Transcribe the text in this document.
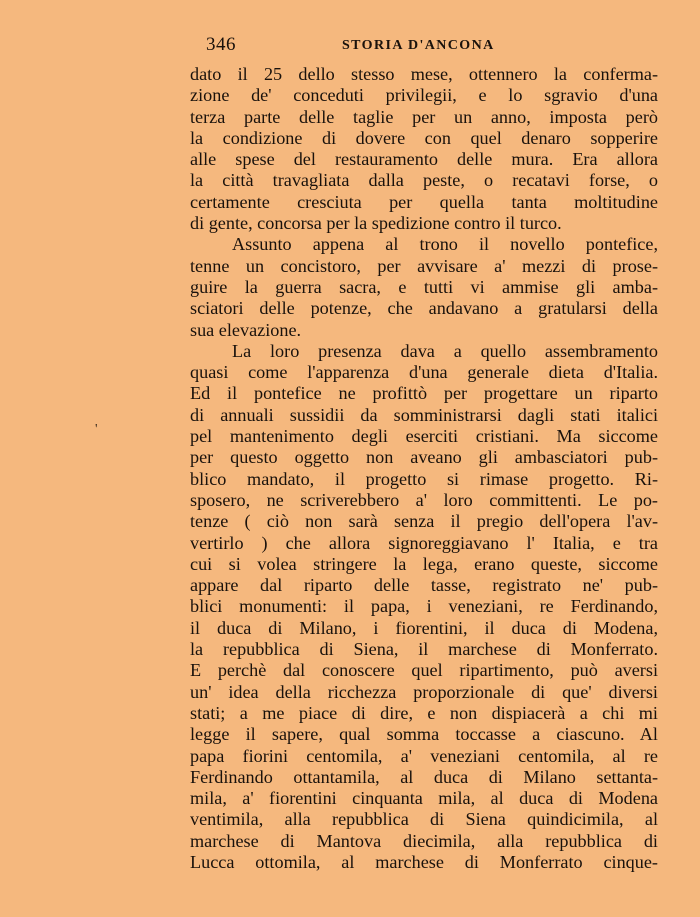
346	STORIA D'ANCONA
dato il 25 dello stesso mese, ottennero la conferma-
zione de' conceduti privilegii, e lo sgravio d'una
terza parte delle taglie per un anno, imposta però
la condizione di dovere con quel denaro sopperire
alle spese del restauramento delle mura. Era allora
la città travagliata dalla peste, o recatavi forse, o
certamente cresciuta per quella tanta moltitudine
di gente, concorsa per la spedizione contro il turco.
Assunto appena al trono il novello pontefice,
tenne un concistoro, per avvisare a' mezzi di prose-
guire la guerra sacra, e tutti vi ammise gli amba-
sciatori delle potenze, che andavano a gratularsi della
sua elevazione.
La loro presenza dava a quello assembramento
quasi come l'apparenza d'una generale dieta d'Italia.
Ed il pontefice ne profittò per progettare un riparto
di annuali sussidii da somministrarsi dagli stati italici
pel mantenimento degli eserciti cristiani. Ma siccome
per questo oggetto non aveano gli ambasciatori pub-
blico mandato, il progetto si rimase progetto. Ri-
sposero, ne scriverebbero a' loro committenti. Le po-
tenze ( ciò non sarà senza il pregio dell'opera l'av-
vertirlo ) che allora signoreggiavano l' Italia, e tra
cui si volea stringere la lega, erano queste, siccome
appare dal riparto delle tasse, registrato ne' pub-
blici monumenti: il papa, i veneziani, re Ferdinando,
il duca di Milano, i fiorentini, il duca di Modena,
la repubblica di Siena, il marchese di Monferrato.
E perchè dal conoscere quel ripartimento, può aversi
un' idea della ricchezza proporzionale di que' diversi
stati; a me piace di dire, e non dispiacerà a chi mi
legge il sapere, qual somma toccasse a ciascuno. Al
papa fiorini centomila, a' veneziani centomila, al re
Ferdinando ottantamila, al duca di Milano settanta-
mila, a' fiorentini cinquanta mila, al duca di Modena
ventimila, alla repubblica di Siena quindicimila, al
marchese di Mantova diecimila, alla repubblica di
Lucca ottomila, al marchese di Monferrato cinque-
'
